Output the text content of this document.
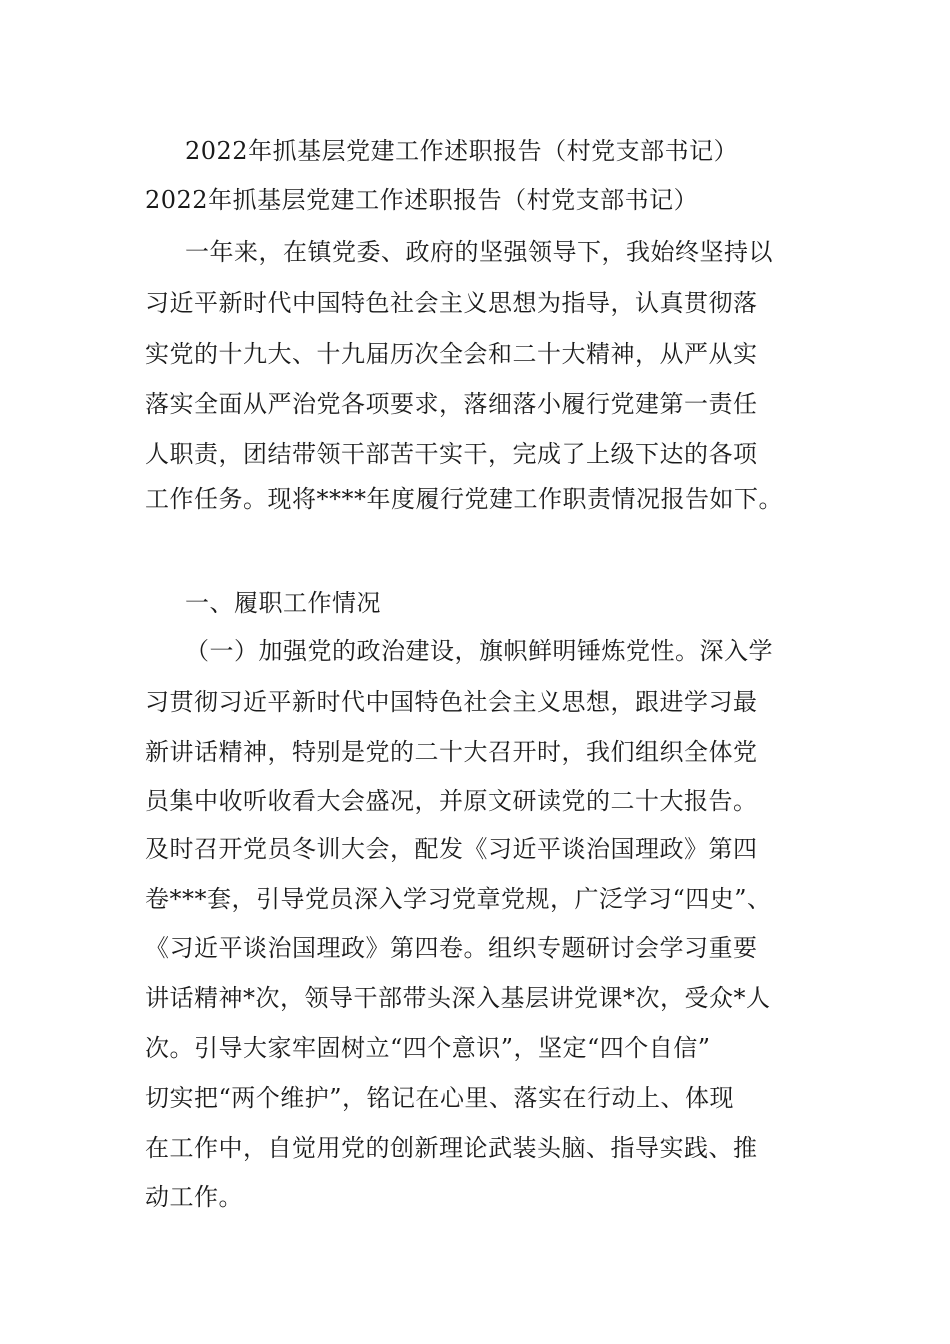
2022年抓基层党建工作述职报告（村党支部书记）
2022年抓基层党建工作述职报告（村党支部书记）
一年来，在镇党委、政府的坚强领导下，我始终坚持以
习近平新时代中国特色社会主义思想为指导，认真贯彻落
实党的十九大、十九届历次全会和二十大精神，从严从实
落实全面从严治党各项要求，落细落小履行党建第一责任
人职责，团结带领干部苦干实干，完成了上级下达的各项
工作任务。现将****年度履行党建工作职责情况报告如下。
一、履职工作情况
（一）加强党的政治建设，旗帜鲜明锤炼党性。深入学
习贯彻习近平新时代中国特色社会主义思想，跟进学习最
新讲话精神，特别是党的二十大召开时，我们组织全体党
员集中收听收看大会盛况，并原文研读党的二十大报告。
及时召开党员冬训大会，配发《习近平谈治国理政》第四
卷***套，引导党员深入学习党章党规，广泛学习“四史”、
《习近平谈治国理政》第四卷。组织专题研讨会学习重要
讲话精神*次，领导干部带头深入基层讲党课*次，受众*人
次。引导大家牢固树立“四个意识”，坚定“四个自信”
切实把“两个维护”，铭记在心里、落实在行动上、体现
在工作中，自觉用党的创新理论武装头脑、指导实践、推
动工作。
